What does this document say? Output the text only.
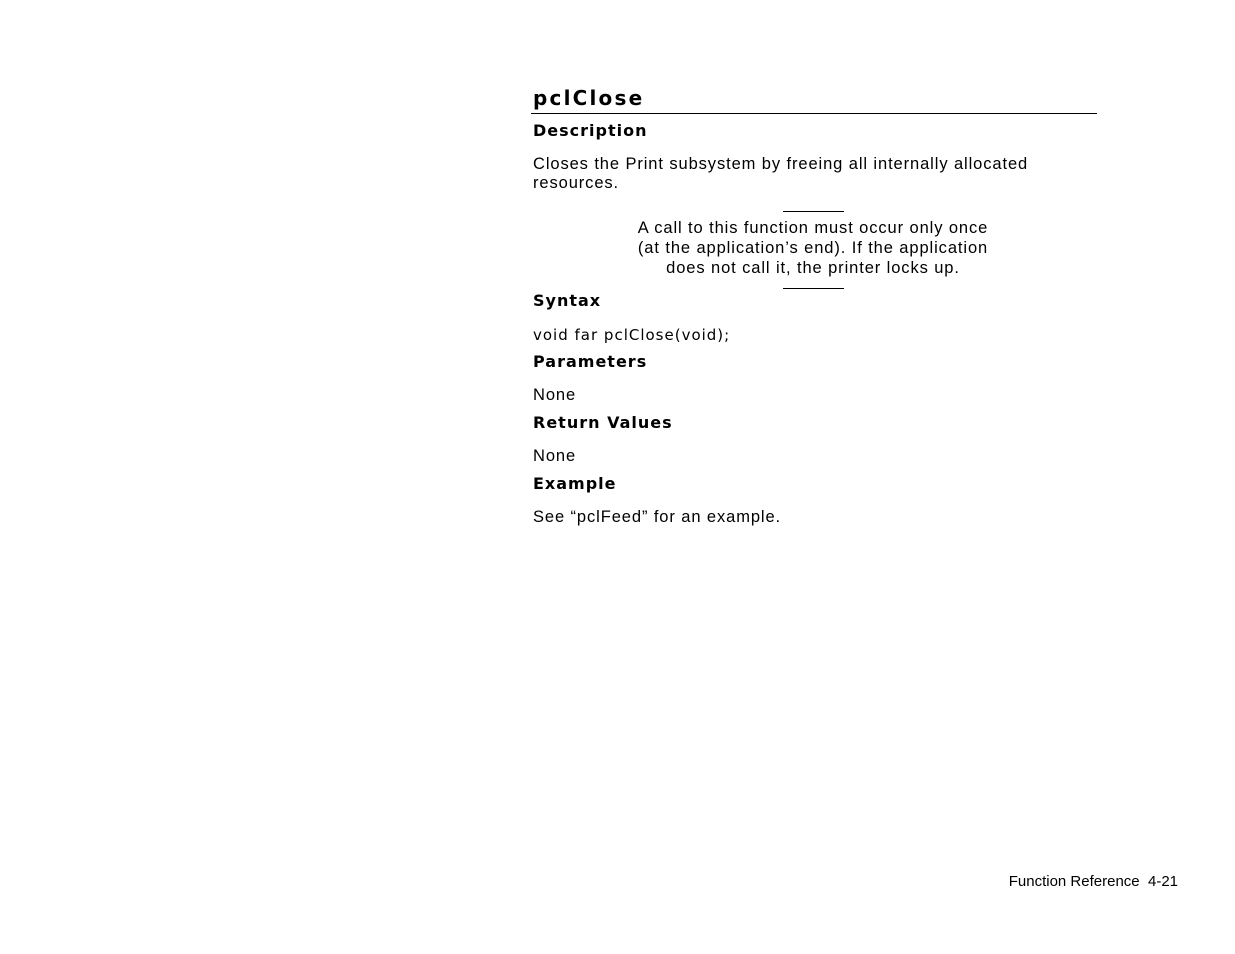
pclClose
Description

Closes the Print subsystem by freeing all internally allocated

resources.

A call to this function must occur only once
(at the application’s end). If the application
does not call it, the printer locks up.
Syntax

void far pclClose(void);

Parameters

None

Return Values

None

Example

See “pclFeed” for an example.

Function Reference  4-21
